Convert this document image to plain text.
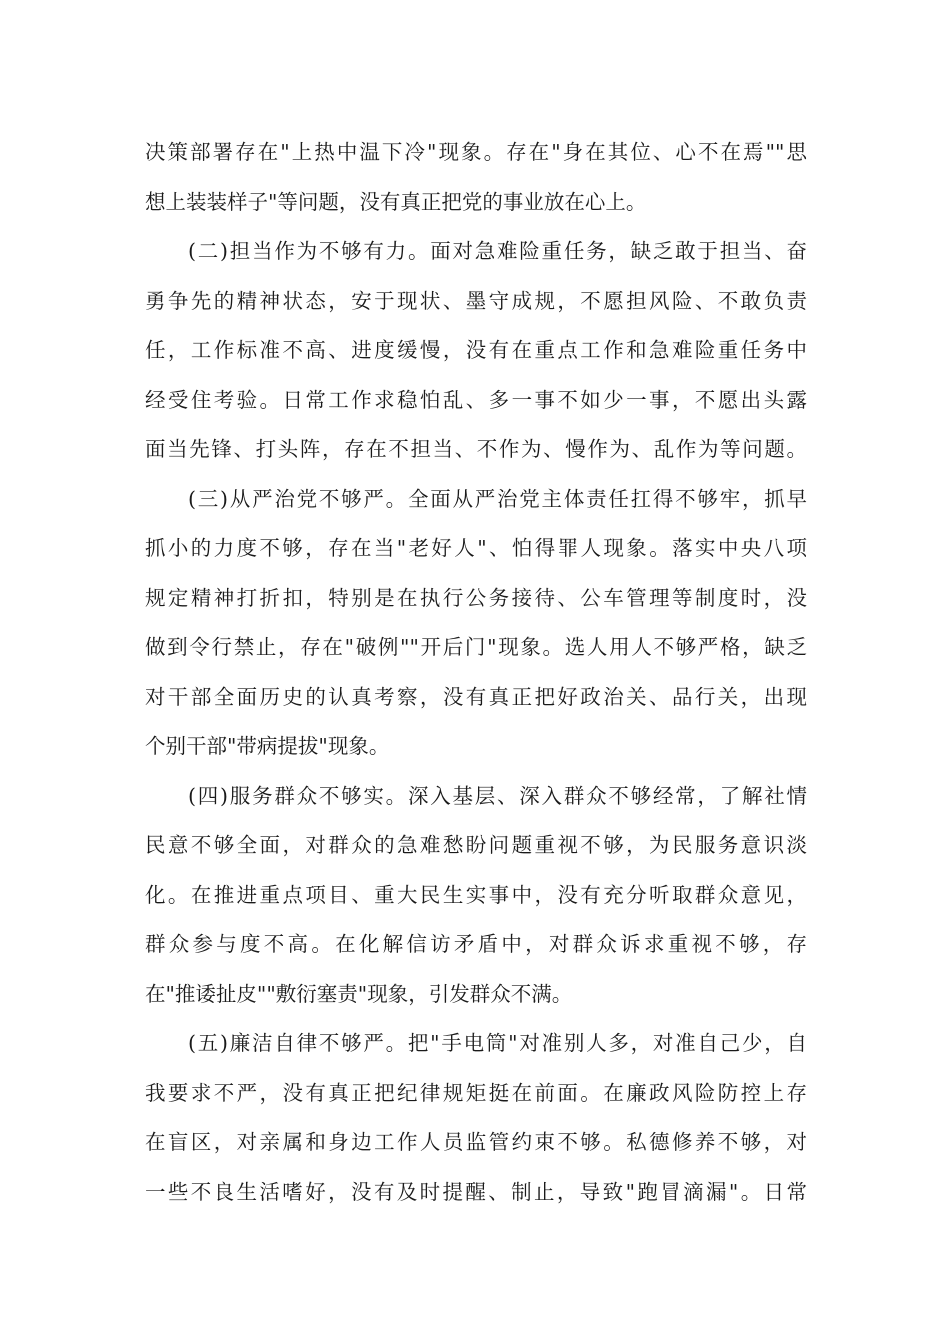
决策部署存在"上热中温下冷"现象。存在"身在其位、心不在焉""思
想上装装样子"等问题，没有真正把党的事业放在心上。
(二)担当作为不够有力。面对急难险重任务，缺乏敢于担当、奋
勇争先的精神状态，安于现状、墨守成规，不愿担风险、不敢负责
任，工作标准不高、进度缓慢，没有在重点工作和急难险重任务中
经受住考验。日常工作求稳怕乱、多一事不如少一事，不愿出头露
面当先锋、打头阵，存在不担当、不作为、慢作为、乱作为等问题。
(三)从严治党不够严。全面从严治党主体责任扛得不够牢，抓早
抓小的力度不够，存在当"老好人"、怕得罪人现象。落实中央八项
规定精神打折扣，特别是在执行公务接待、公车管理等制度时，没
做到令行禁止，存在"破例""开后门"现象。选人用人不够严格，缺乏
对干部全面历史的认真考察，没有真正把好政治关、品行关，出现
个别干部"带病提拔"现象。
(四)服务群众不够实。深入基层、深入群众不够经常，了解社情
民意不够全面，对群众的急难愁盼问题重视不够，为民服务意识淡
化。在推进重点项目、重大民生实事中，没有充分听取群众意见，
群众参与度不高。在化解信访矛盾中，对群众诉求重视不够，存
在"推诿扯皮""敷衍塞责"现象，引发群众不满。
(五)廉洁自律不够严。把"手电筒"对准别人多，对准自己少，自
我要求不严，没有真正把纪律规矩挺在前面。在廉政风险防控上存
在盲区，对亲属和身边工作人员监管约束不够。私德修养不够，对
一些不良生活嗜好，没有及时提醒、制止，导致"跑冒滴漏"。日常
